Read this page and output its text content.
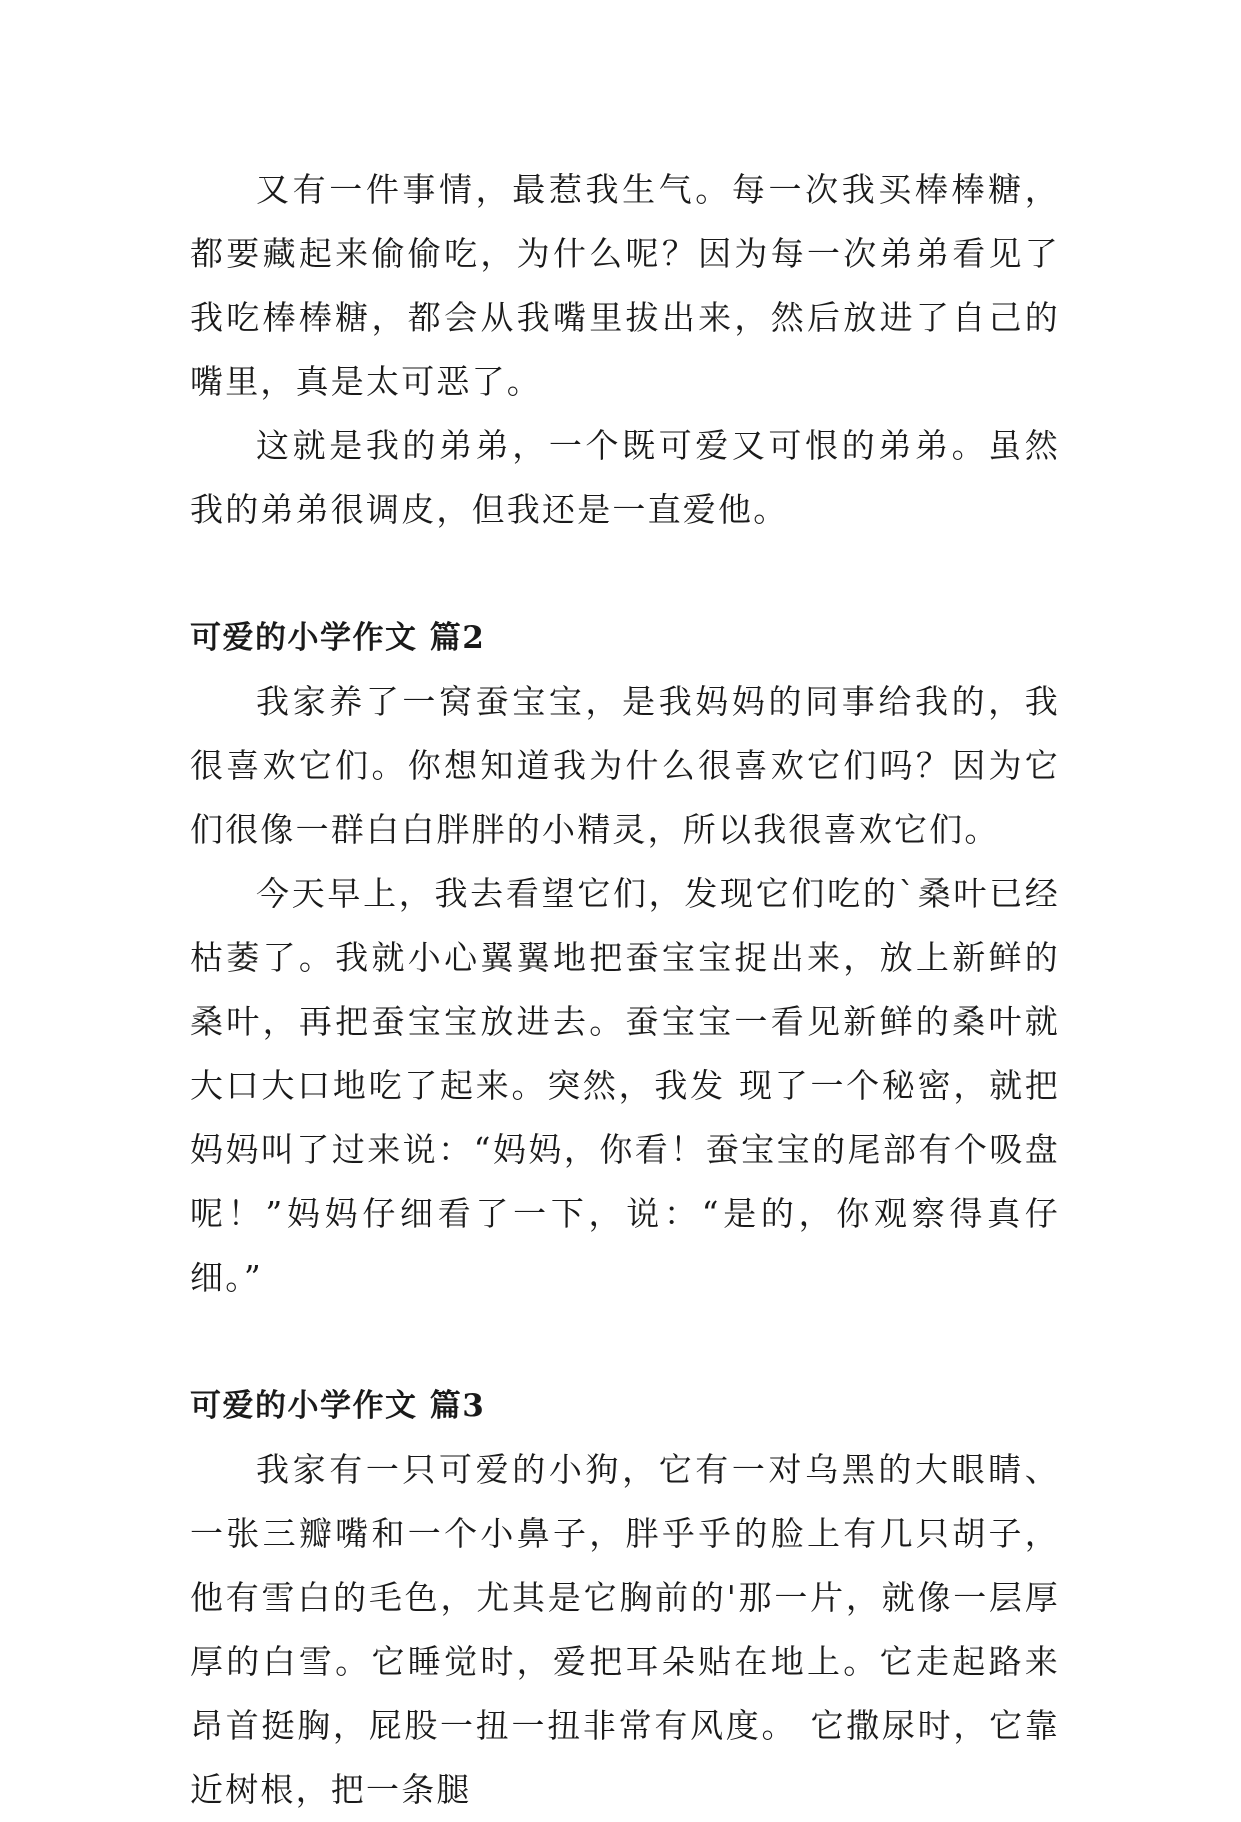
又有一件事情，最惹我生气。每一次我买棒棒糖，都要藏起来偷偷吃，为什么呢？因为每一次弟弟看见了我吃棒棒糖，都会从我嘴里拔出来，然后放进了自己的嘴里，真是太可恶了。

这就是我的弟弟，一个既可爱又可恨的弟弟。虽然我的弟弟很调皮，但我还是一直爱他。

可爱的小学作文 篇2

我家养了一窝蚕宝宝，是我妈妈的同事给我的，我很喜欢它们。你想知道我为什么很喜欢它们吗？因为它们很像一群白白胖胖的小精灵，所以我很喜欢它们。

今天早上，我去看望它们，发现它们吃的`桑叶已经枯萎了。我就小心翼翼地把蚕宝宝捉出来，放上新鲜的桑叶，再把蚕宝宝放进去。蚕宝宝一看见新鲜的桑叶就大口大口地吃了起来。突然，我发 现了一个秘密，就把妈妈叫了过来说：“妈妈，你看！蚕宝宝的尾部有个吸盘呢！”妈妈仔细看了一下，说：“是的，你观察得真仔细。”

可爱的小学作文 篇3

我家有一只可爱的小狗，它有一对乌黑的大眼睛、一张三瓣嘴和一个小鼻子，胖乎乎的脸上有几只胡子，他有雪白的毛色，尤其是它胸前的'那一片，就像一层厚厚的白雪。它睡觉时，爱把耳朵贴在地上。它走起路来昂首挺胸，屁股一扭一扭非常有风度。 它撒尿时，它靠近树根，把一条腿
